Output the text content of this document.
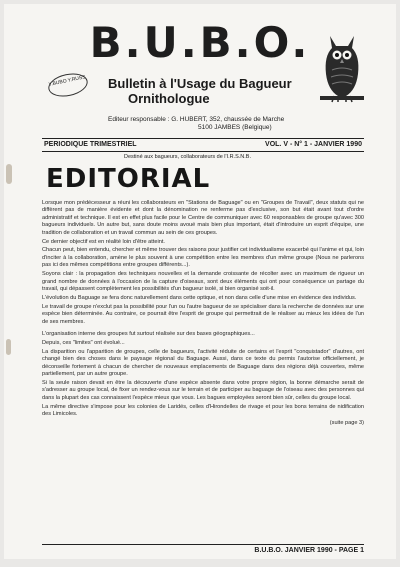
B.U.B.O.
Y.BUBO Y.RUSS Bulletin à l'Usage du Bagueur
Ornithologue
Editeur responsable : G. HUBERT, 352, chaussée de Marche
5100 JAMBES (Belgique)
PERIODIQUE TRIMESTRIEL	VOL. V - N° 1 - JANVIER 1990
Destiné aux bagueurs, collaborateurs de l'I.R.S.N.B.
EDITORIAL

Lorsque mon prédécesseur a réuni les collaborateurs en "Stations de Baguage" ou en "Groupes de Travail", deux statuts qui ne diffèrent pas de manière évidente et dont la dénomination ne renferme pas d'exclusive, son but était avant tout d'ordre administratif et technique. Il est en effet plus facile pour le Centre de communiquer avec 60 responsables de groupe qu'avec 300 bagueurs individuels. Un autre but, sans doute moins avoué mais bien plus important, était d'introduire un esprit d'équipe, une tradition de collaboration et un travail commun au sein de ces groupes.

Ce dernier objectif est en réalité loin d'être atteint.

Chacun peut, bien entendu, chercher et même trouver des raisons pour justifier cet individualisme exacerbé qui l'anime et qui, loin d'inciter à la collaboration, amène le plus souvent à une compétition entre les membres d'un même groupe (Nous ne parlerons pas ici des mêmes compétitions entre groupes différents...).

Soyons clair : la propagation des techniques nouvelles et la demande croissante de récolter avec un maximum de rigueur un grand nombre de données à l'occasion de la capture d'oiseaux, sont deux éléments qui ont pour conséquence un partage du travail, qui dépassent complètement les possibilités d'un bagueur isolé, si bien organisé soit-il.

L'évolution du Baguage se fera donc naturellement dans cette optique, et non dans celle d'une mise en évidence des individus.

Le travail de groupe n'exclut pas la possibilité pour l'un ou l'autre bagueur de se spécialiser dans la recherche de données sur une espèce bien déterminée. Au contraire, ce pourrait être l'esprit de groupe qui permettrait de le réaliser au mieux les idées de l'un de ses membres.

L'organisation interne des groupes fut surtout réalisée sur des bases géographiques...

Depuis, ces "limites" ont évolué...

La disparition ou l'apparition de groupes, celle de bagueurs, l'activité réduite de certains et l'esprit "conquistador" d'autres, ont changé bien des choses dans le paysage régional du Baguage. Aussi, dans ce texte du permis l'autorise officiellement, je déconseille fortement à chacun de chercher de nouveaux emplacements de Baguage dans des régions déjà couvertes, même partiellement, par un autre groupe.

Si la seule raison devait en être la découverte d'une espèce absente dans votre propre région, la bonne démarche serait de s'adresser au groupe local, de fixer un rendez-vous sur le terrain et de participer au baguage de l'oiseau avec des personnes qui dans la plupart des cas connaissent l'espèce mieux que vous. Les bagues employées seront bien sûr, celles du groupe local.

La même directive s'impose pour les colonies de Laridés, celles d'Hirondelles de rivage et pour les bons terrains de nidification des Limicoles.

(suite page 3)

B.U.B.O. JANVIER 1990 - PAGE 1
